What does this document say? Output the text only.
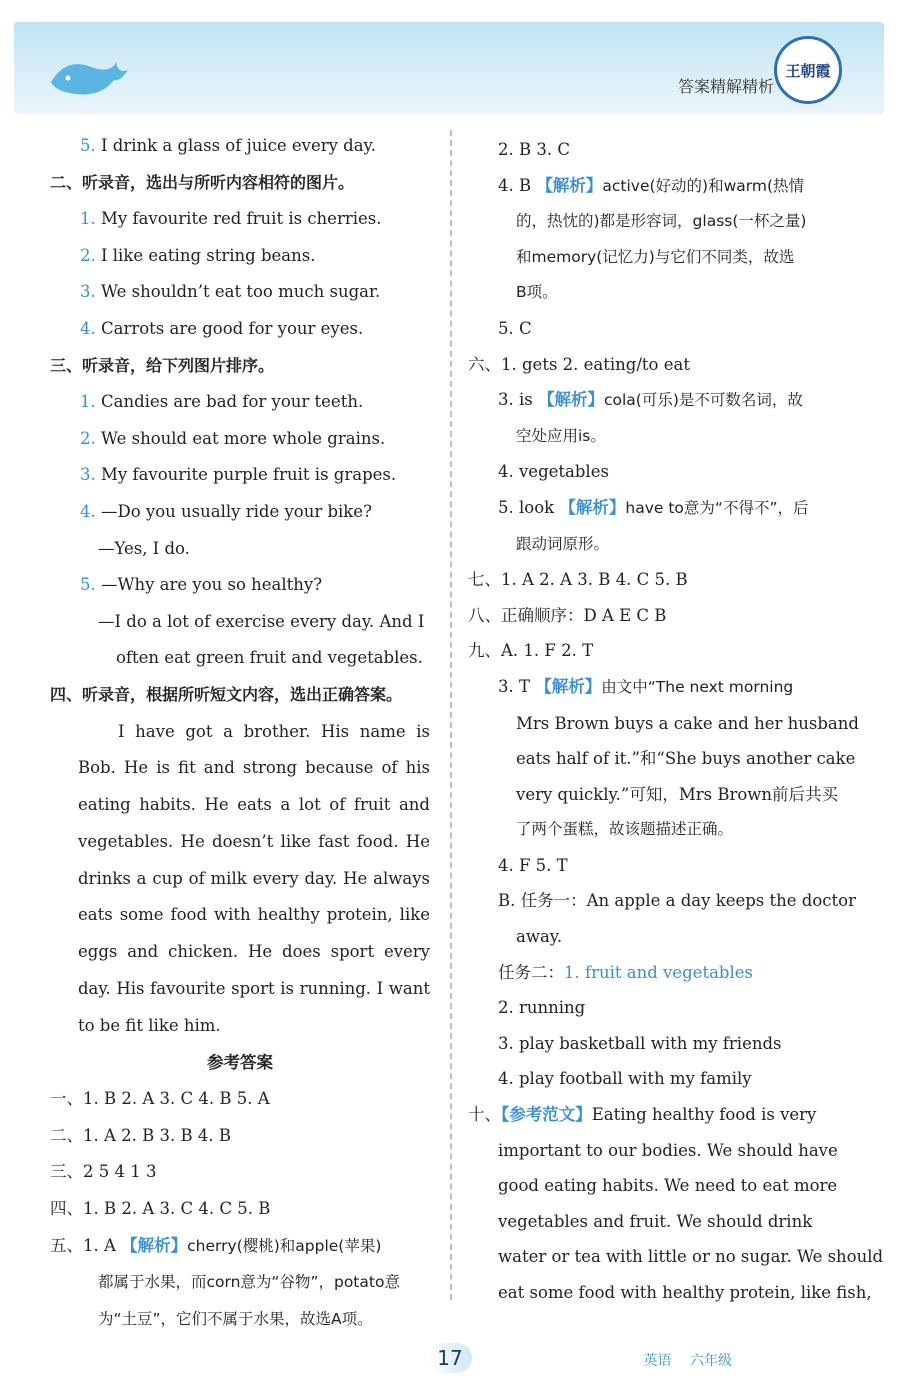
答案精解精析
王朝霞
5. I drink a glass of juice every day.
二、听录音，选出与所听内容相符的图片。
1. My favourite red fruit is cherries.
2. I like eating string beans.
3. We shouldn’t eat too much sugar.
4. Carrots are good for your eyes.
三、听录音，给下列图片排序。
1. Candies are bad for your teeth.
2. We should eat more whole grains.
3. My favourite purple fruit is grapes.
4. —Do you usually ride your bike?
—Yes, I do.
5. —Why are you so healthy?
—I do a lot of exercise every day. And I
often eat green fruit and vegetables.
四、听录音，根据所听短文内容，选出正确答案。
I have got a brother. His name is Bob. He is fit and strong because of his eating habits. He eats a lot of fruit and vegetables. He doesn’t like fast food. He drinks a cup of milk every day. He always eats some food with healthy protein, like eggs and chicken. He does sport every day. His favourite sport is running. I want to be fit like him.
参考答案
一、1. B 2. A 3. C 4. B 5. A
二、1. A 2. B 3. B 4. B
三、2 5 4 1 3
四、1. B 2. A 3. C 4. C 5. B
五、1. A 【解析】cherry(樱桃)和apple(苹果)
都属于水果，而corn意为“谷物”，potato意
为“土豆”，它们不属于水果，故选A项。
2. B 3. C
4. B 【解析】active(好动的)和warm(热情
的，热忱的)都是形容词，glass(一杯之量)
和memory(记忆力)与它们不同类，故选
B项。
5. C
六、1. gets 2. eating/to eat
3. is 【解析】cola(可乐)是不可数名词，故
空处应用is。
4. vegetables
5. look 【解析】have to意为“不得不”，后
跟动词原形。
七、1. A 2. A 3. B 4. C 5. B
八、正确顺序：D A E C B
九、A. 1. F 2. T
3. T 【解析】由文中“The next morning
Mrs Brown buys a cake and her husband
eats half of it.”和“She buys another cake
very quickly.”可知，Mrs Brown前后共买
了两个蛋糕，故该题描述正确。
4. F 5. T
B. 任务一：An apple a day keeps the doctor
away.
任务二：1. fruit and vegetables
2. running
3. play basketball with my friends
4. play football with my family
十、【参考范文】Eating healthy food is very
important to our bodies. We should have
good eating habits. We need to eat more
vegetables and fruit. We should drink
water or tea with little or no sugar. We should
eat some food with healthy protein, like fish,
17	英语 六年级
